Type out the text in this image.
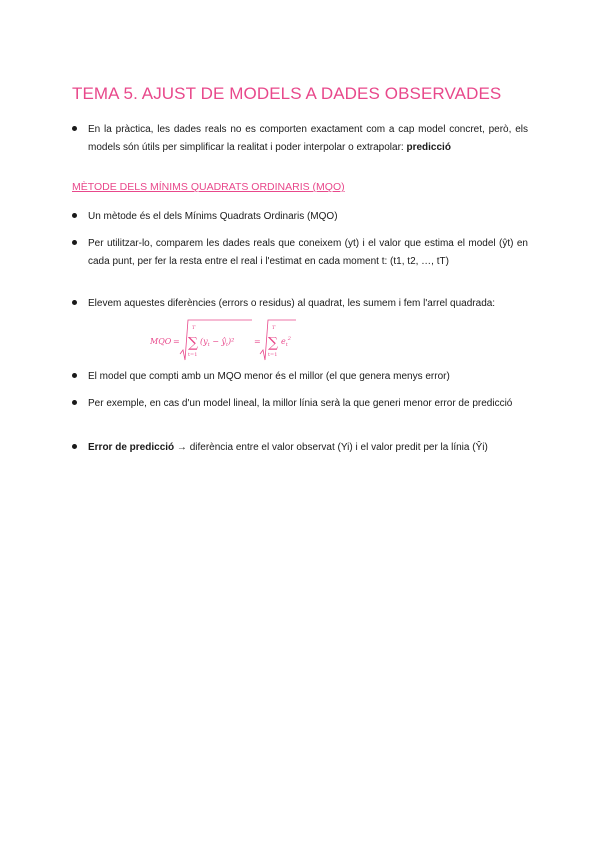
TEMA 5. AJUST DE MODELS A DADES OBSERVADES
En la pràctica, les dades reals no es comporten exactament com a cap model concret, però, els models són útils per simplificar la realitat i poder interpolar o extrapolar: predicció
MÈTODE DELS MÍNIMS QUADRATS ORDINARIS (MQO)
Un mètode és el dels Mínims Quadrats Ordinaris (MQO)
Per utilitzar-lo, comparem les dades reals que coneixem (yt) i el valor que estima el model (ŷt) en cada punt, per fer la resta entre el real i l'estimat en cada moment t: (t1, t2, …, tT)
Elevem aquestes diferències (errors o residus) al quadrat, les sumem i fem l'arrel quadrada:
MQO =
T
∑
t=1
($y_t$ − $ŷ_t)^2$ =
T
∑
t=1
$e_t^2$
El model que compti amb un MQO menor és el millor (el que genera menys error)
Per exemple, en cas d'un model lineal, la millor línia serà la que generi menor error de predicció
Error de predicció → diferència entre el valor observat (Yi) i el valor predit per la línia (Ŷi)
